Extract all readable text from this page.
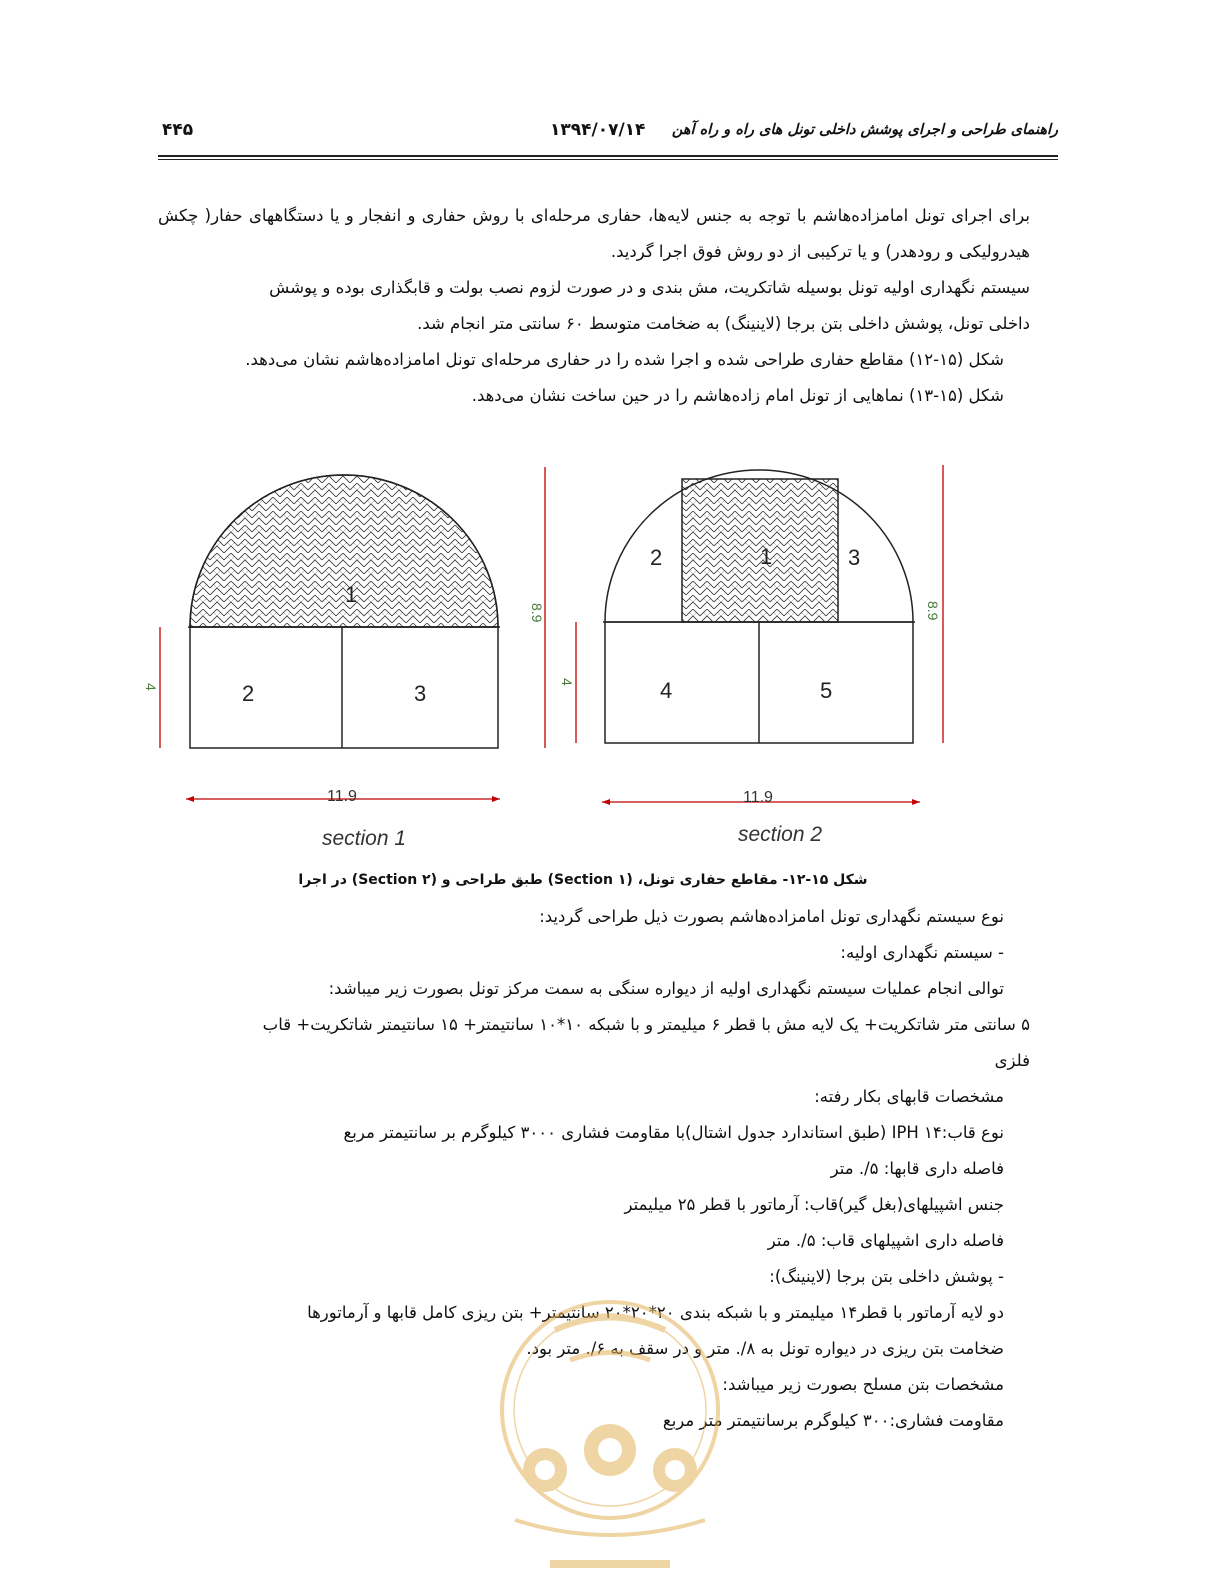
راهنمای طراحی و اجرای پوشش داخلی تونل های راه و راه آهن
۱۳۹۴/۰۷/۱۴
۴۴۵
برای اجرای تونل امامزاده‌هاشم با توجه به جنس لایه‌ها، حفاری مرحله‌ای با روش حفاری و انفجار و یا دستگاههای حفار( چکش هیدرولیکی و رودهدر) و یا ترکیبی از دو روش فوق اجرا گردید.
سیستم نگهداری اولیه تونل بوسیله شاتکریت، مش بندی و در صورت لزوم نصب بولت و قابگذاری بوده و پوشش
داخلی تونل، پوشش داخلی بتن برجا (لاینینگ) به ضخامت متوسط ۶۰ سانتی متر انجام شد.
شکل (۱۵-۱۲) مقاطع حفاری طراحی شده و اجرا شده را در حفاری مرحله‌ای تونل امامزاده‌هاشم نشان می‌دهد.
شکل (۱۵-۱۳) نماهایی از تونل امام زاده‌هاشم را در حین ساخت نشان می‌دهد.
1
2	3
4
8.9
11.9
section 1
1
2	3
4	5
4
8.9
11.9
section 2
شکل ۱۵-۱۲- مقاطع حفاری تونل، (۱ Section) طبق طراحی و (۲ Section) در اجرا
نوع سیستم نگهداری تونل امامزاده‌هاشم بصورت ذیل طراحی گردید:
- سیستم نگهداری اولیه:
توالی انجام عملیات سیستم نگهداری اولیه از دیواره سنگی به سمت مرکز تونل بصورت زیر میباشد:
۵ سانتی متر شاتکریت+ یک لایه مش با قطر ۶ میلیمتر و با شبکه ۱۰*۱۰ سانتیمتر+ ۱۵ سانتیمتر شاتکریت+ قاب
فلزی
مشخصات قابهای بکار رفته:
نوع قاب:IPH ۱۴ (طبق استاندارد جدول اشتال)با مقاومت فشاری ۳۰۰۰ کیلوگرم بر سانتیمتر مربع
فاصله داری قابها: ۵/. متر
جنس اشپیلهای(بغل گیر)قاب: آرماتور با قطر ۲۵ میلیمتر
فاصله داری اشپیلهای قاب: ۵/. متر
- پوشش داخلی بتن برجا (لاینینگ):
دو لایه آرماتور با قطر۱۴ میلیمتر و با شبکه بندی ۲۰*۲۰*۲۰ سانتیمتر+ بتن ریزی کامل قابها و آرماتورها
ضخامت بتن ریزی در دیواره تونل به ۸/. متر و در سقف به ۶/. متر بود.
مشخصات بتن مسلح بصورت زیر میباشد:
مقاومت فشاری:۳۰۰ کیلوگرم برسانتیمتر متر مربع
